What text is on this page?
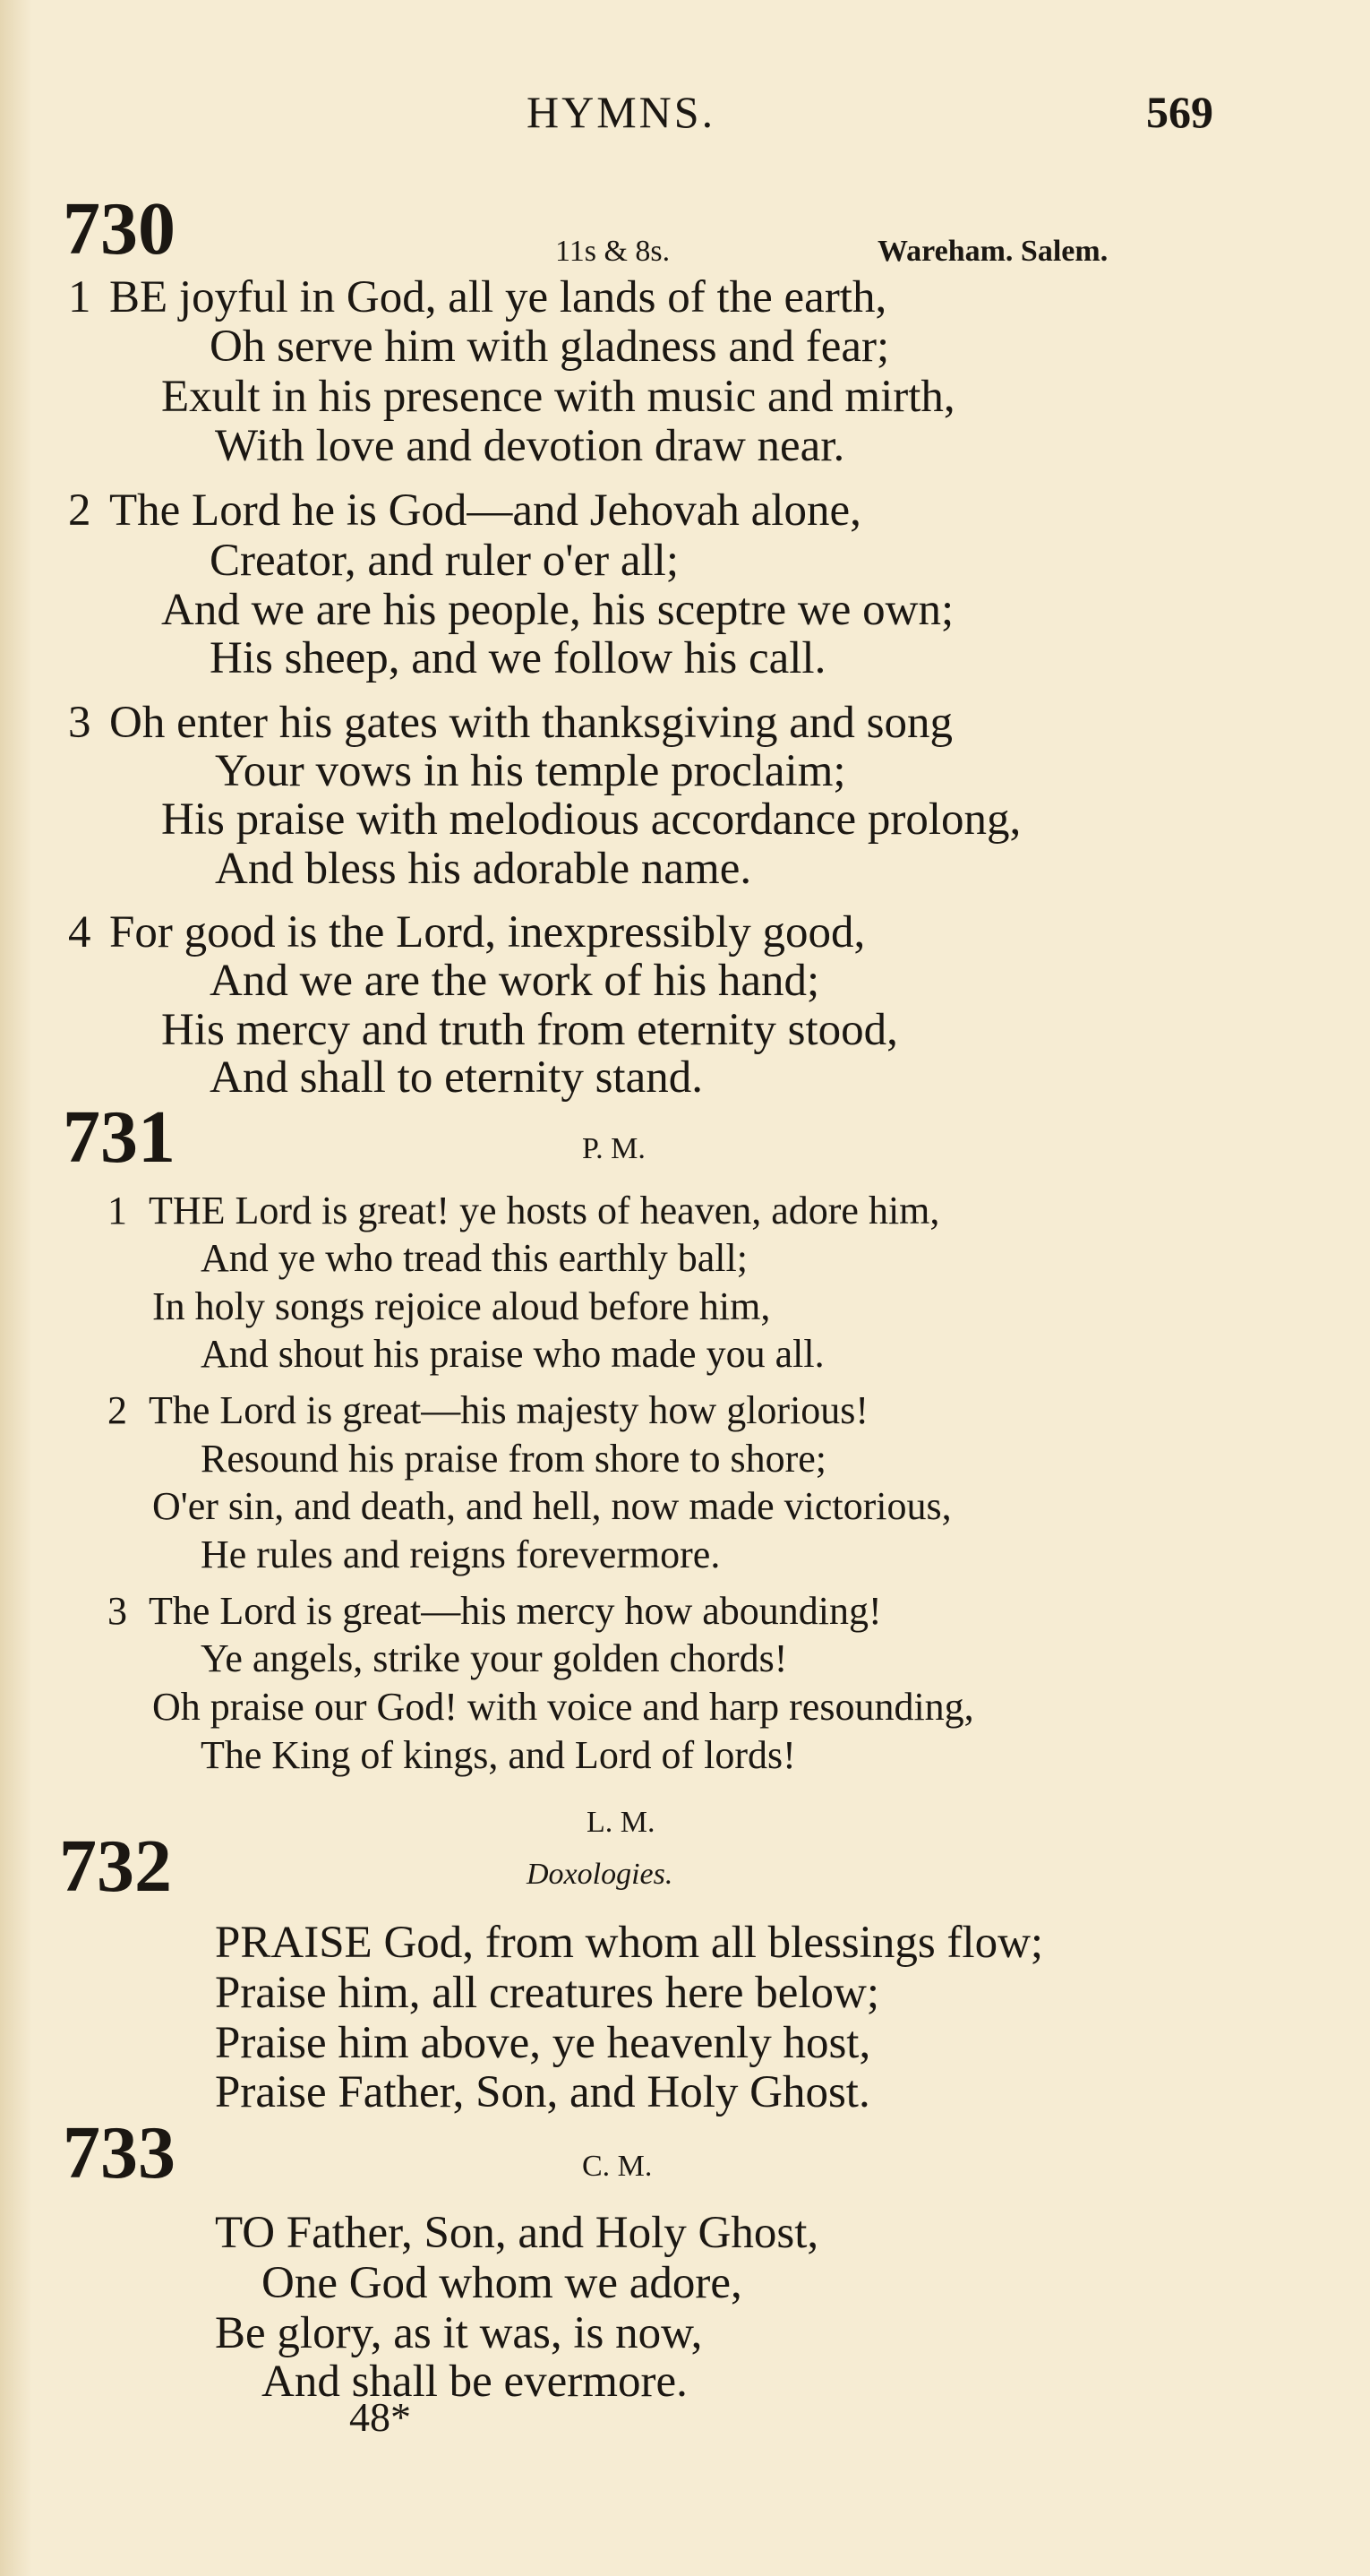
HYMNS.	569
730	11s & 8s.	Wareham. Salem.
1 BE joyful in God, all ye lands of the earth,
Oh serve him with gladness and fear;
Exult in his presence with music and mirth,
With love and devotion draw near.
2 The Lord he is God—and Jehovah alone,
Creator, and ruler o'er all;
And we are his people, his sceptre we own;
His sheep, and we follow his call.
3 Oh enter his gates with thanksgiving and song
Your vows in his temple proclaim;
His praise with melodious accordance prolong,
And bless his adorable name.
4 For good is the Lord, inexpressibly good,
And we are the work of his hand;
His mercy and truth from eternity stood,
And shall to eternity stand.
731	P. M.
1 THE Lord is great! ye hosts of heaven, adore him,
And ye who tread this earthly ball;
In holy songs rejoice aloud before him,
And shout his praise who made you all.
2 The Lord is great—his majesty how glorious!
Resound his praise from shore to shore;
O'er sin, and death, and hell, now made victorious,
He rules and reigns forevermore.
3 The Lord is great—his mercy how abounding!
Ye angels, strike your golden chords!
Oh praise our God! with voice and harp resounding,
The King of kings, and Lord of lords!
L. M.
732	Doxologies.
PRAISE God, from whom all blessings flow;
Praise him, all creatures here below;
Praise him above, ye heavenly host,
Praise Father, Son, and Holy Ghost.
733	C. M.
TO Father, Son, and Holy Ghost,
One God whom we adore,
Be glory, as it was, is now,
And shall be evermore.
48*
